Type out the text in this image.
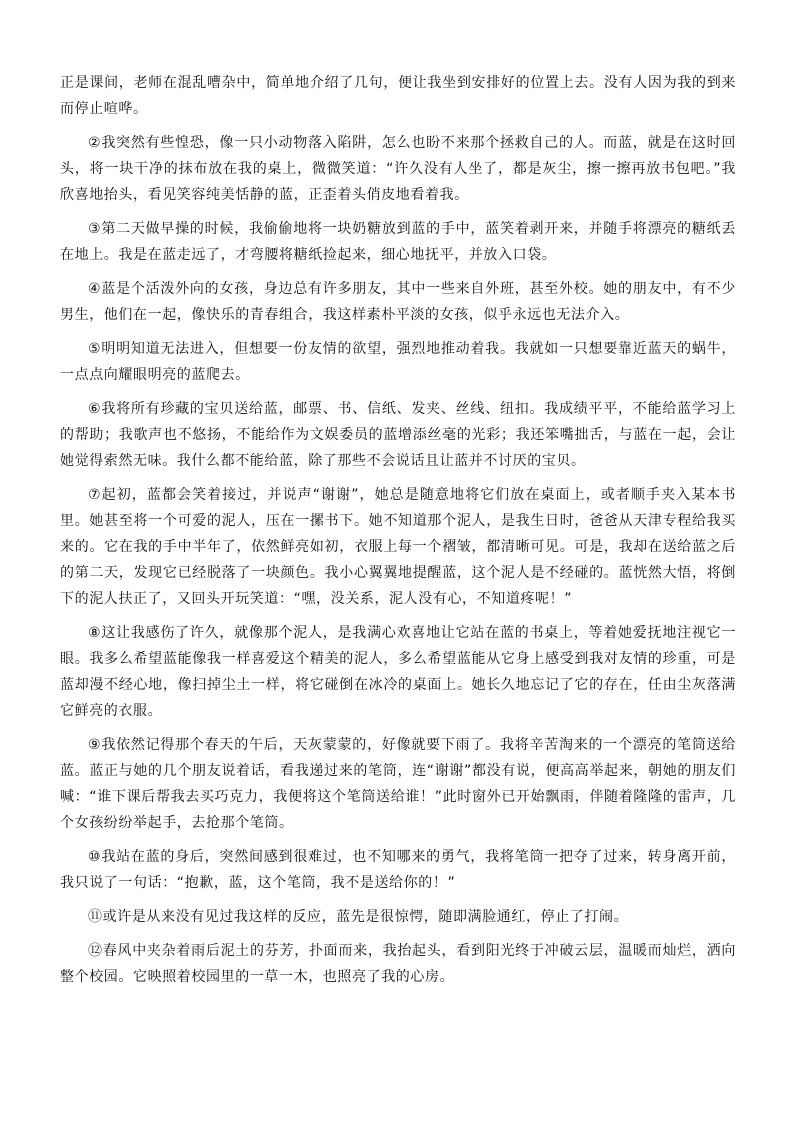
正是课间，老师在混乱嘈杂中，简单地介绍了几句，便让我坐到安排好的位置上去。没有人因为我的到来而停止喧哗。

②我突然有些惶恐，像一只小动物落入陷阱，怎么也盼不来那个拯救自己的人。而蓝，就是在这时回头，将一块干净的抹布放在我的桌上，微微笑道：“许久没有人坐了，都是灰尘，擦一擦再放书包吧。”我欣喜地抬头，看见笑容纯美恬静的蓝，正歪着头俏皮地看着我。

③第二天做早操的时候，我偷偷地将一块奶糖放到蓝的手中，蓝笑着剥开来，并随手将漂亮的糖纸丢在地上。我是在蓝走远了，才弯腰将糖纸捡起来，细心地抚平，并放入口袋。

④蓝是个活泼外向的女孩，身边总有许多朋友，其中一些来自外班，甚至外校。她的朋友中，有不少男生，他们在一起，像快乐的青春组合，我这样素朴平淡的女孩，似乎永远也无法介入。

⑤明明知道无法进入，但想要一份友情的欲望，强烈地推动着我。我就如一只想要靠近蓝天的蜗牛，一点点向耀眼明亮的蓝爬去。

⑥我将所有珍藏的宝贝送给蓝，邮票、书、信纸、发夹、丝线、纽扣。我成绩平平，不能给蓝学习上的帮助；我歌声也不悠扬，不能给作为文娱委员的蓝增添丝毫的光彩；我还笨嘴拙舌，与蓝在一起，会让她觉得索然无味。我什么都不能给蓝，除了那些不会说话且让蓝并不讨厌的宝贝。

⑦起初，蓝都会笑着接过，并说声“谢谢”，她总是随意地将它们放在桌面上，或者顺手夹入某本书里。她甚至将一个可爱的泥人，压在一摞书下。她不知道那个泥人，是我生日时，爸爸从天津专程给我买来的。它在我的手中半年了，依然鲜亮如初，衣服上每一个褶皱，都清晰可见。可是，我却在送给蓝之后的第二天，发现它已经脱落了一块颜色。我小心翼翼地提醒蓝，这个泥人是不经碰的。蓝恍然大悟，将倒下的泥人扶正了，又回头开玩笑道：“嘿，没关系，泥人没有心，不知道疼呢！”

⑧这让我感伤了许久，就像那个泥人，是我满心欢喜地让它站在蓝的书桌上，等着她爱抚地注视它一眼。我多么希望蓝能像我一样喜爱这个精美的泥人，多么希望蓝能从它身上感受到我对友情的珍重，可是蓝却漫不经心地，像扫掉尘土一样，将它碰倒在冰冷的桌面上。她长久地忘记了它的存在，任由尘灰落满它鲜亮的衣服。

⑨我依然记得那个春天的午后，天灰蒙蒙的，好像就要下雨了。我将辛苦淘来的一个漂亮的笔筒送给蓝。蓝正与她的几个朋友说着话，看我递过来的笔筒，连“谢谢”都没有说，便高高举起来，朝她的朋友们喊：“谁下课后帮我去买巧克力，我便将这个笔筒送给谁！”此时窗外已开始飘雨，伴随着隆隆的雷声，几个女孩纷纷举起手，去抢那个笔筒。

⑩我站在蓝的身后，突然间感到很难过，也不知哪来的勇气，我将笔筒一把夺了过来，转身离开前，我只说了一句话：“抱歉，蓝，这个笔筒，我不是送给你的！”

⑪或许是从来没有见过我这样的反应，蓝先是很惊愕，随即满脸通红，停止了打闹。

⑫春风中夹杂着雨后泥土的芬芳，扑面而来，我抬起头，看到阳光终于冲破云层，温暖而灿烂，洒向整个校园。它映照着校园里的一草一木，也照亮了我的心房。
